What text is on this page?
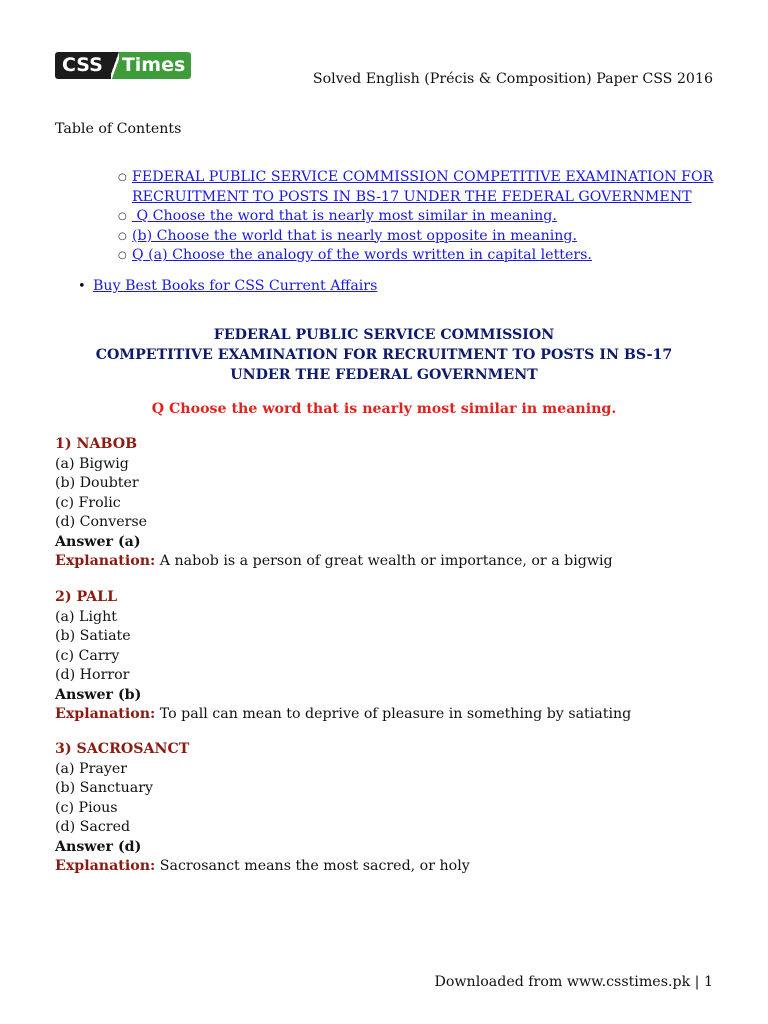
CSS	Times
Solved English (Précis & Composition) Paper CSS 2016
Table of Contents
○ FEDERAL PUBLIC SERVICE COMMISSION COMPETITIVE EXAMINATION FOR RECRUITMENT TO POSTS IN BS-17 UNDER THE FEDERAL GOVERNMENT
○ Q Choose the word that is nearly most similar in meaning.
○ (b) Choose the world that is nearly most opposite in meaning.
○ Q (a) Choose the analogy of the words written in capital letters.
• Buy Best Books for CSS Current Affairs
FEDERAL PUBLIC SERVICE COMMISSION
COMPETITIVE EXAMINATION FOR RECRUITMENT TO POSTS IN BS-17
UNDER THE FEDERAL GOVERNMENT
Q Choose the word that is nearly most similar in meaning.
1) NABOB
(a) Bigwig
(b) Doubter
(c) Frolic
(d) Converse
Answer (a)
Explanation: A nabob is a person of great wealth or importance, or a bigwig
2) PALL
(a) Light
(b) Satiate
(c) Carry
(d) Horror
Answer (b)
Explanation: To pall can mean to deprive of pleasure in something by satiating
3) SACROSANCT
(a) Prayer
(b) Sanctuary
(c) Pious
(d) Sacred
Answer (d)
Explanation: Sacrosanct means the most sacred, or holy
Downloaded from www.csstimes.pk | 1
